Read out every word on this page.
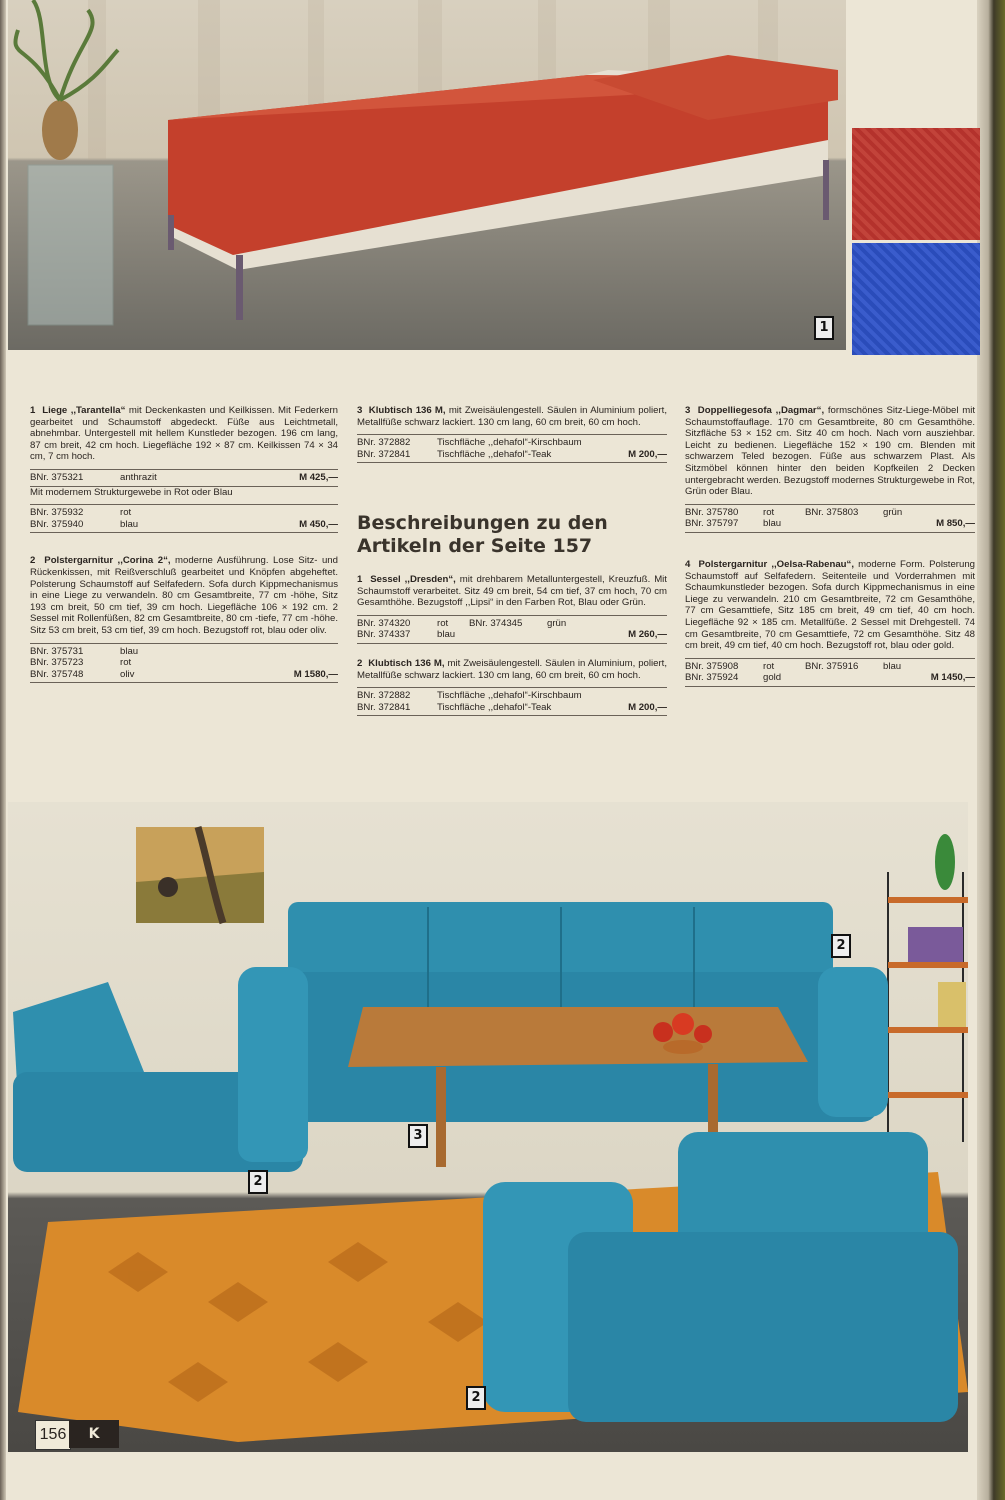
1

1 Liege ,,Tarantella“ mit Deckenkasten und Keilkissen. Mit Federkern gearbeitet und Schaumstoff abgedeckt. Füße aus Leichtmetall, abnehmbar. Untergestell mit hellem Kunstleder bezogen. 196 cm lang, 87 cm breit, 42 cm hoch. Liegefläche 192 × 87 cm. Keilkissen 74 × 34 cm, 7 cm hoch.

BNr. 375321	anthrazit	M 425,—

Mit modernem Strukturgewebe in Rot oder Blau

BNr. 375932	rot
BNr. 375940	blau	M 450,—

2 Polstergarnitur ,,Corina 2“, moderne Ausführung. Lose Sitz- und Rückenkissen, mit Reißverschluß gearbeitet und Knöpfen abgeheftet. Polsterung Schaumstoff auf Selfafedern. Sofa durch Kippmechanismus in eine Liege zu verwandeln. 80 cm Gesamtbreite, 77 cm -höhe, Sitz 193 cm breit, 50 cm tief, 39 cm hoch. Liegefläche 106 × 192 cm. 2 Sessel mit Rollenfüßen, 82 cm Gesamtbreite, 80 cm -tiefe, 77 cm -höhe. Sitz 53 cm breit, 53 cm tief, 39 cm hoch. Bezugstoff rot, blau oder oliv.

BNr. 375731	blau
BNr. 375723	rot
BNr. 375748	oliv	M 1580,—

3 Klubtisch 136 M, mit Zweisäulengestell. Säulen in Aluminium poliert, Metallfüße schwarz lackiert. 130 cm lang, 60 cm breit, 60 cm hoch.

BNr. 372882	Tischfläche ,,dehafol“-Kirschbaum
BNr. 372841	Tischfläche ,,dehafol“-Teak	M 200,—
Beschreibungen zu den Artikeln der Seite 157

1 Sessel ,,Dresden“, mit drehbarem Metalluntergestell, Kreuzfuß. Mit Schaumstoff verarbeitet. Sitz 49 cm breit, 54 cm tief, 37 cm hoch, 70 cm Gesamthöhe. Bezugstoff ,,Lipsi“ in den Farben Rot, Blau oder Grün.

BNr. 374320	rot	BNr. 374345	grün
BNr. 374337	blau	M 260,—

2 Klubtisch 136 M, mit Zweisäulengestell. Säulen in Aluminium, poliert, Metallfüße schwarz lackiert. 130 cm lang, 60 cm breit, 60 cm hoch.

BNr. 372882	Tischfläche ,,dehafol“-Kirschbaum
BNr. 372841	Tischfläche ,,dehafol“-Teak	M 200,—

3 Doppelliegesofa ,,Dagmar“, formschönes Sitz-Liege-Möbel mit Schaumstoffauflage. 170 cm Gesamtbreite, 80 cm Gesamthöhe. Sitzfläche 53 × 152 cm. Sitz 40 cm hoch. Nach vorn ausziehbar. Leicht zu bedienen. Liegefläche 152 × 190 cm. Blenden mit schwarzem Teled bezogen. Füße aus schwarzem Plast. Als Sitzmöbel können hinter den beiden Kopfkeilen 2 Decken untergebracht werden. Bezugstoff modernes Strukturgewebe in Rot, Grün oder Blau.

BNr. 375780	rot	BNr. 375803	grün
BNr. 375797	blau	M 850,—

4 Polstergarnitur ,,Oelsa-Rabenau“, moderne Form. Polsterung Schaumstoff auf Selfafedern. Seitenteile und Vorderrahmen mit Schaumkunstleder bezogen. Sofa durch Kippmechanismus in eine Liege zu verwandeln. 210 cm Gesamtbreite, 72 cm Gesamthöhe, 77 cm Gesamttiefe, Sitz 185 cm breit, 49 cm tief, 40 cm hoch. Liegefläche 92 × 185 cm. Metallfüße. 2 Sessel mit Drehgestell. 74 cm Gesamtbreite, 70 cm Gesamttiefe, 72 cm Gesamthöhe. Sitz 48 cm breit, 49 cm tief, 40 cm hoch. Bezugstoff rot, blau oder gold.

BNr. 375908	rot	BNr. 375916	blau
BNr. 375924	gold	M 1450,—
2
3
2
2
156	K
